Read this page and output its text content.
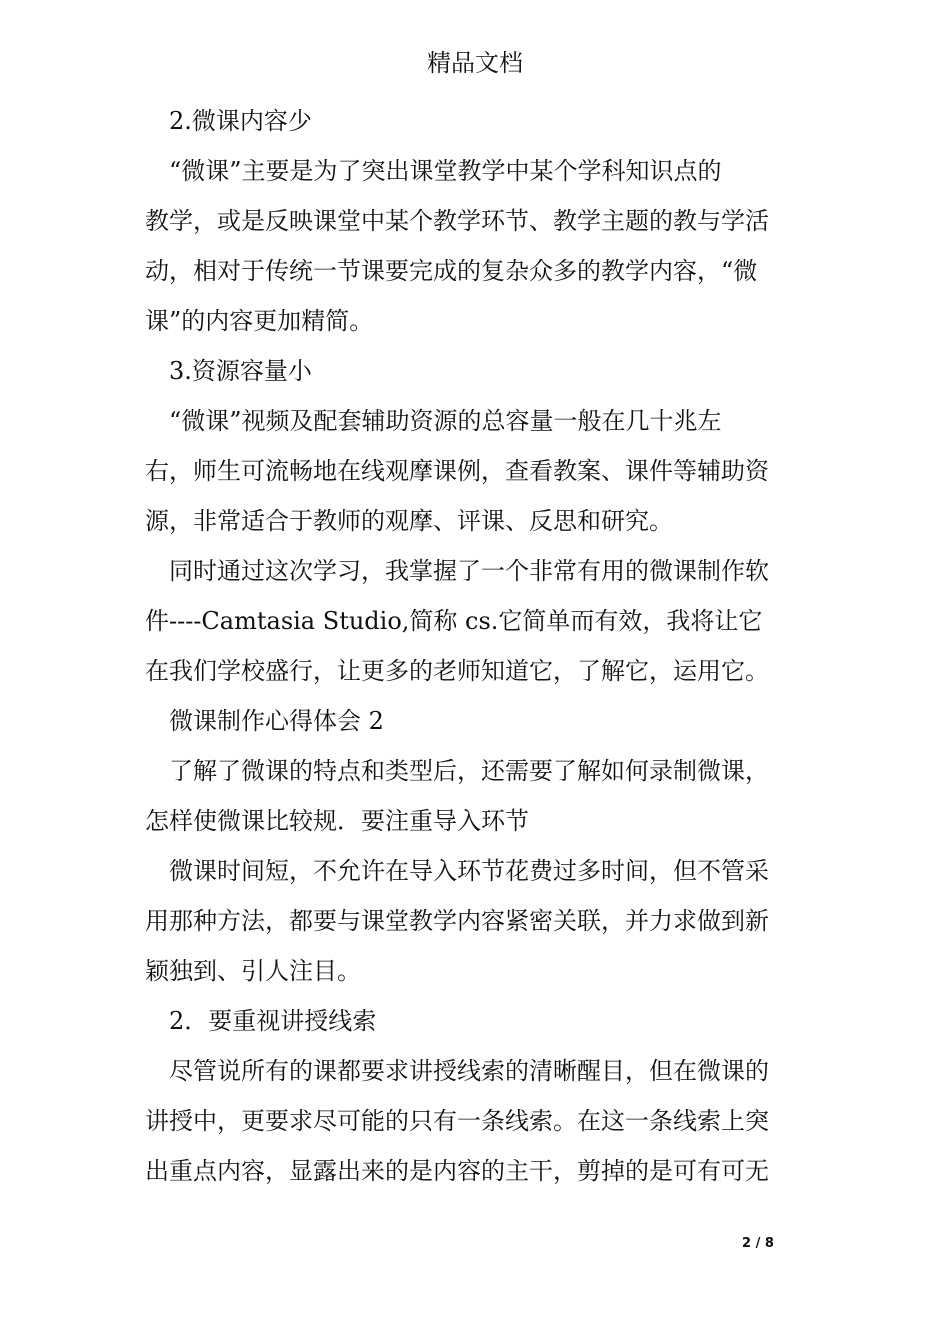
精品文档

2.微课内容少

“微课”主要是为了突出课堂教学中某个学科知识点的

教学，或是反映课堂中某个教学环节、教学主题的教与学活

动，相对于传统一节课要完成的复杂众多的教学内容，“微

课”的内容更加精简。

3.资源容量小

“微课”视频及配套辅助资源的总容量一般在几十兆左

右，师生可流畅地在线观摩课例，查看教案、课件等辅助资

源，非常适合于教师的观摩、评课、反思和研究。

同时通过这次学习，我掌握了一个非常有用的微课制作软

件----Camtasia Studio,简称 cs.它简单而有效，我将让它

在我们学校盛行，让更多的老师知道它，了解它，运用它。

微课制作心得体会 2

了解了微课的特点和类型后，还需要了解如何录制微课，

怎样使微课比较规．要注重导入环节

微课时间短，不允许在导入环节花费过多时间，但不管采

用那种方法，都要与课堂教学内容紧密关联，并力求做到新

颖独到、引人注目。

2．要重视讲授线索

尽管说所有的课都要求讲授线索的清晰醒目，但在微课的

讲授中，更要求尽可能的只有一条线索。在这一条线索上突

出重点内容，显露出来的是内容的主干，剪掉的是可有可无

2 / 8
